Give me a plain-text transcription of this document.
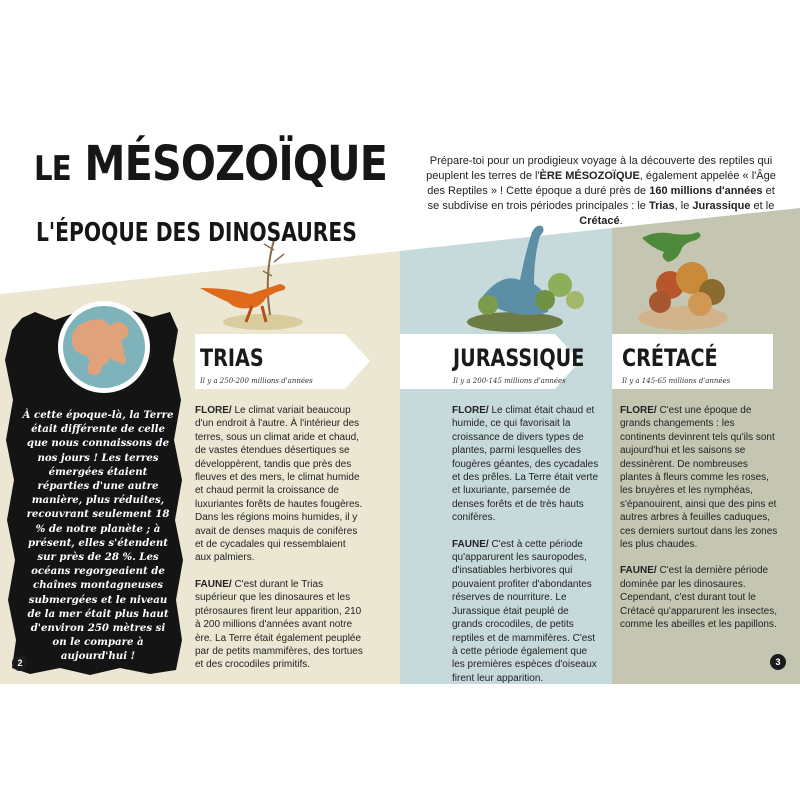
LE MÉSOZOÏQUE
L'ÉPOQUE DES DINOSAURES
Prépare-toi pour un prodigieux voyage à la découverte des reptiles qui peuplent les terres de l'ÈRE MÉSOZOÏQUE, également appelée « l'Âge des Reptiles » ! Cette époque a duré près de 160 millions d'années et se subdivise en trois périodes principales : le Trias, le Jurassique et le Crétacé.
À cette époque-là, la Terre était différente de celle que nous connaissons de nos jours ! Les terres émergées étaient réparties d'une autre manière, plus réduites, recouvrant seulement 18 % de notre planète ; à présent, elles s'étendent sur près de 28 %. Les océans regorgeaient de chaînes montagneuses submergées et le niveau de la mer était plus haut d'environ 250 mètres si on le compare à aujourd'hui !
TRIAS
Il y a 250-200 millions d'années
JURASSIQUE
Il y a 200-145 millions d'années
CRÉTACÉ
Il y a 145-65 millions d'années

FLORE/ Le climat variait beaucoup d'un endroit à l'autre. À l'intérieur des terres, sous un climat aride et chaud, de vastes étendues désertiques se développèrent, tandis que près des fleuves et des mers, le climat humide et chaud permit la croissance de luxuriantes forêts de hautes fougères. Dans les régions moins humides, il y avait de denses maquis de conifères et de cycadales qui ressemblaient aux palmiers.

FAUNE/ C'est durant le Trias supérieur que les dinosaures et les ptérosaures firent leur apparition, 210 à 200 millions d'années avant notre ère. La Terre était également peuplée par de petits mammifères, des tortues et des crocodiles primitifs.

FLORE/ Le climat était chaud et humide, ce qui favorisait la croissance de divers types de plantes, parmi lesquelles des fougères géantes, des cycadales et des prêles. La Terre était verte et luxuriante, parsemée de denses forêts et de très hauts conifères.

FAUNE/ C'est à cette période qu'apparurent les sauropodes, d'insatiables herbivores qui pouvaient profiter d'abondantes réserves de nourriture. Le Jurassique était peuplé de grands crocodiles, de petits reptiles et de mammifères. C'est à cette période également que les premières espèces d'oiseaux firent leur apparition.

FLORE/ C'est une époque de grands changements : les continents devinrent tels qu'ils sont aujourd'hui et les saisons se dessinèrent. De nombreuses plantes à fleurs comme les roses, les bruyères et les nymphéas, s'épanouirent, ainsi que des pins et autres arbres à feuilles caduques, ces derniers surtout dans les zones les plus chaudes.

FAUNE/ C'est la dernière période dominée par les dinosaures. Cependant, c'est durant tout le Crétacé qu'apparurent les insectes, comme les abeilles et les papillons.

2	3
